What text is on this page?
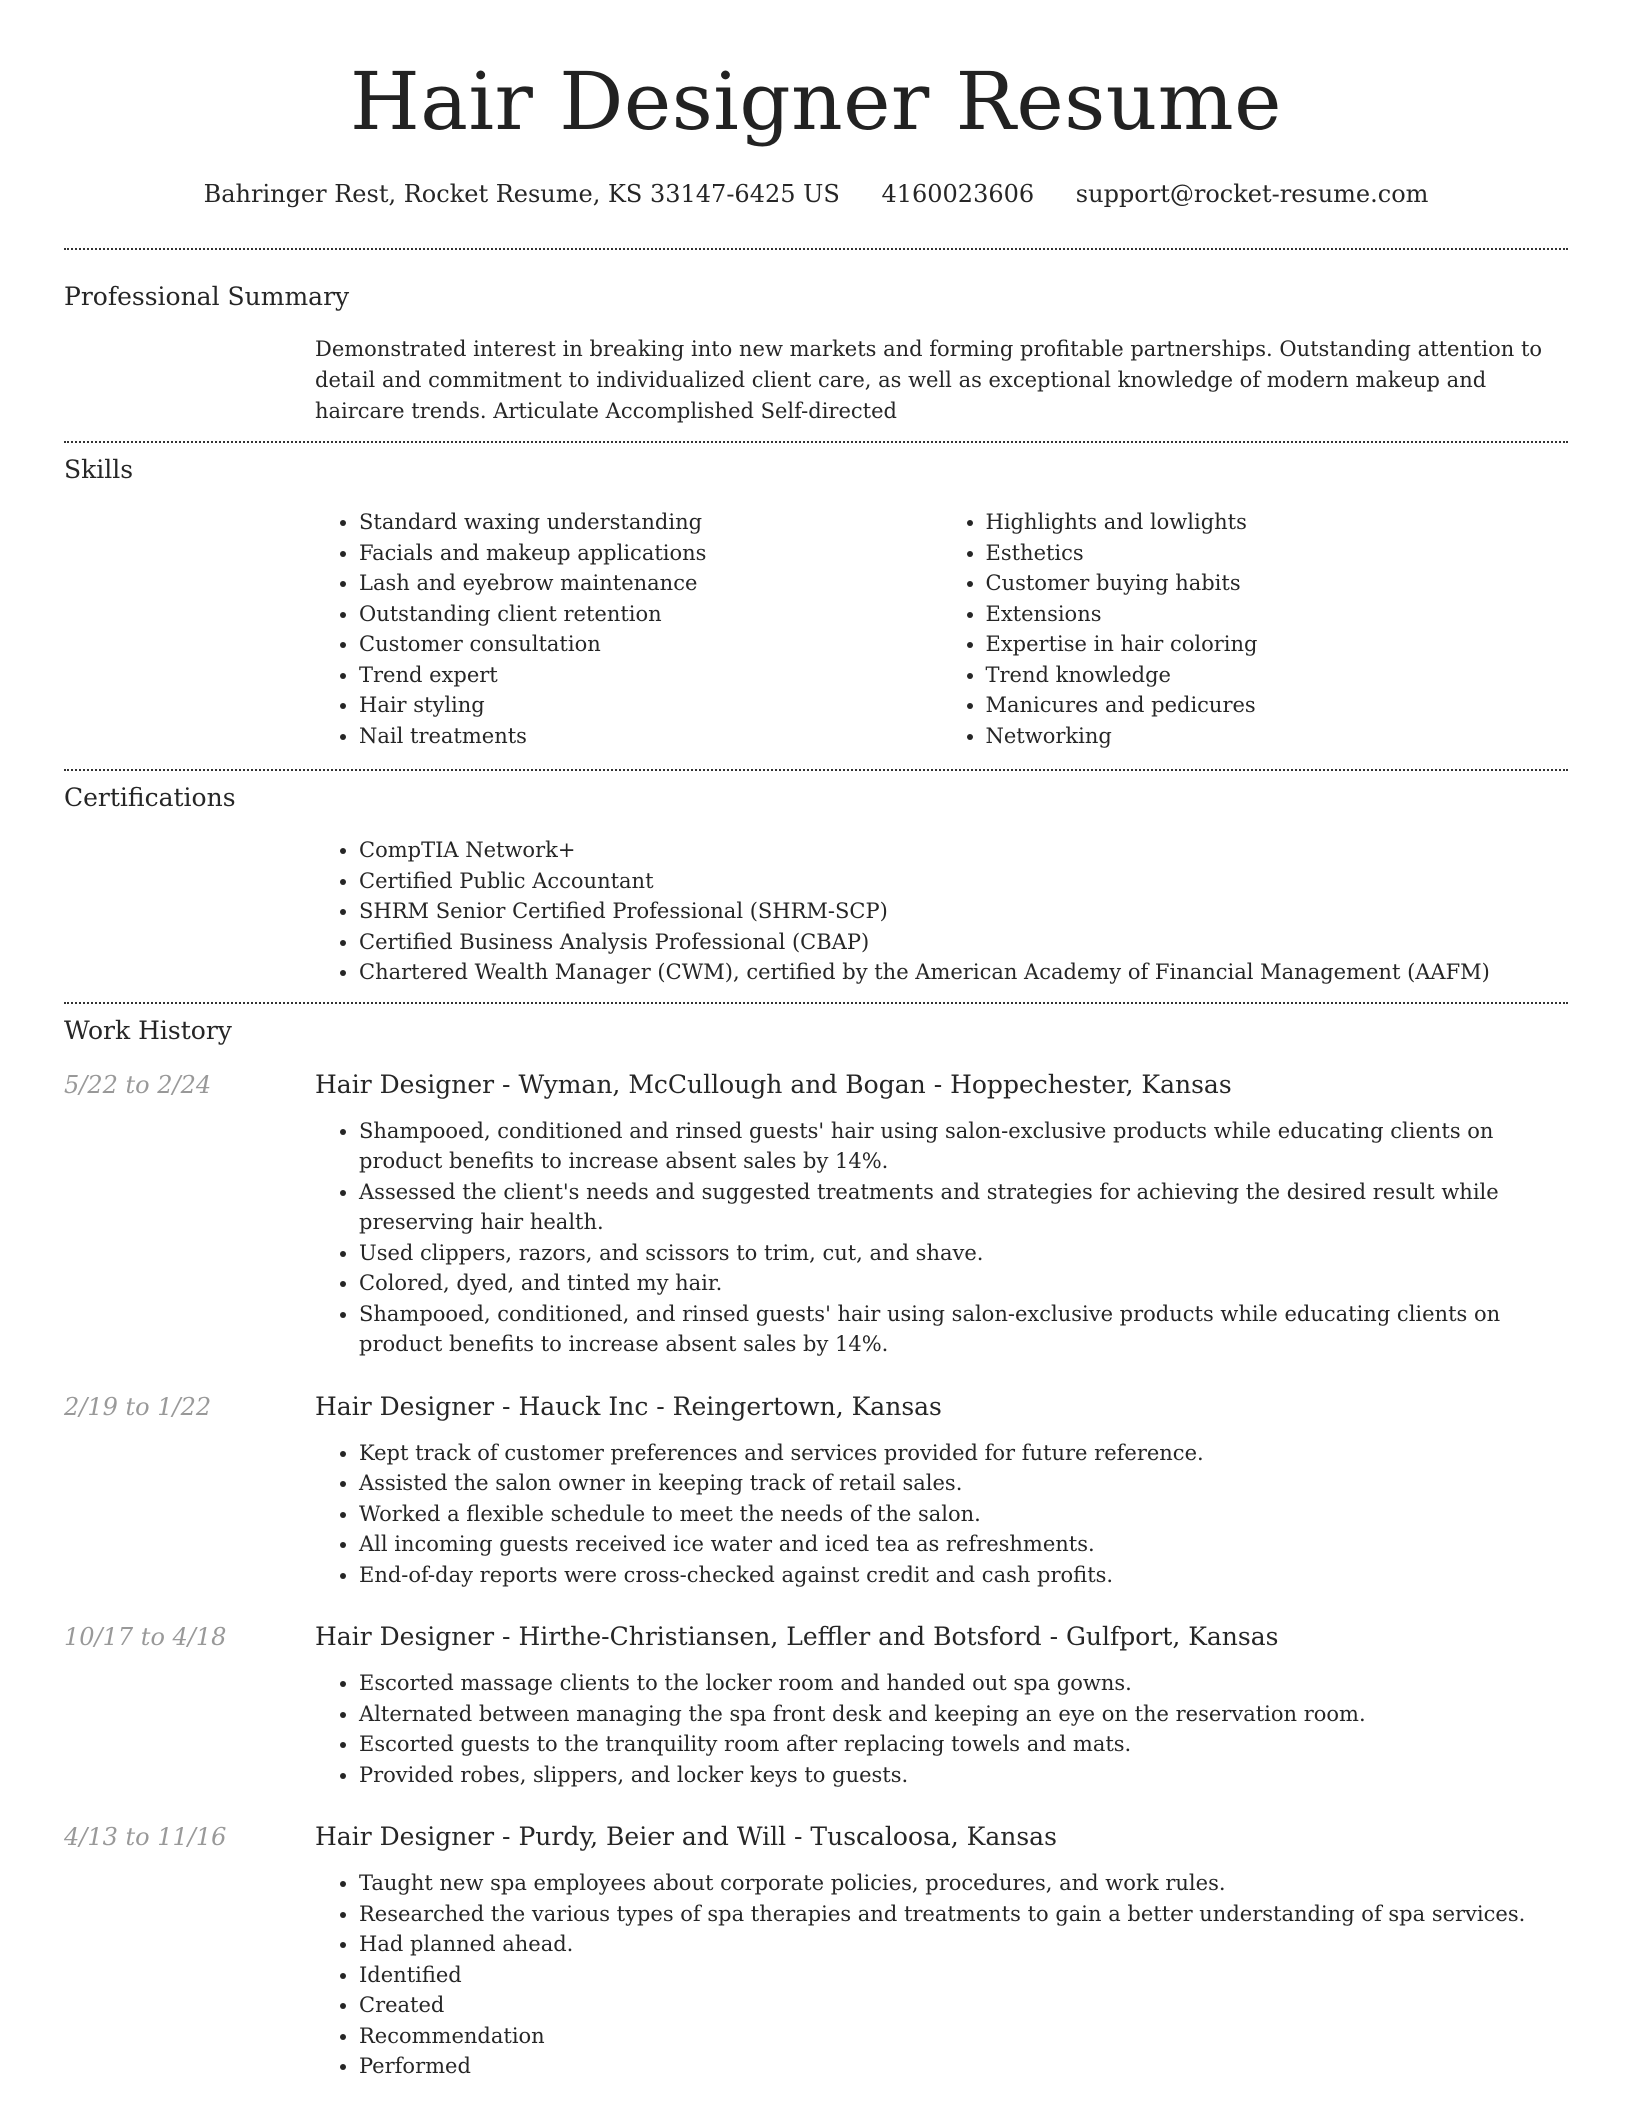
Hair Designer Resume
Bahringer Rest, Rocket Resume, KS 33147-6425 US 4160023606 support@rocket-resume.com
Professional Summary

Demonstrated interest in breaking into new markets and forming profitable partnerships. Outstanding attention to detail and commitment to individualized client care, as well as exceptional knowledge of modern makeup and haircare trends. Articulate Accomplished Self-directed

Skills
• Standard waxing understanding
• Facials and makeup applications
• Lash and eyebrow maintenance
• Outstanding client retention
• Customer consultation
• Trend expert
• Hair styling
• Nail treatments
• Highlights and lowlights
• Esthetics
• Customer buying habits
• Extensions
• Expertise in hair coloring
• Trend knowledge
• Manicures and pedicures
• Networking
Certifications
• CompTIA Network+
• Certified Public Accountant
• SHRM Senior Certified Professional (SHRM-SCP)
• Certified Business Analysis Professional (CBAP)
• Chartered Wealth Manager (CWM), certified by the American Academy of Financial Management (AAFM)
Work History
5/22 to 2/24	Hair Designer - Wyman, McCullough and Bogan - Hoppechester, Kansas
• Shampooed, conditioned and rinsed guests' hair using salon-exclusive products while educating clients on product benefits to increase absent sales by 14%.
• Assessed the client's needs and suggested treatments and strategies for achieving the desired result while preserving hair health.
• Used clippers, razors, and scissors to trim, cut, and shave.
• Colored, dyed, and tinted my hair.
• Shampooed, conditioned, and rinsed guests' hair using salon-exclusive products while educating clients on product benefits to increase absent sales by 14%.
2/19 to 1/22	Hair Designer - Hauck Inc - Reingertown, Kansas
• Kept track of customer preferences and services provided for future reference.
• Assisted the salon owner in keeping track of retail sales.
• Worked a flexible schedule to meet the needs of the salon.
• All incoming guests received ice water and iced tea as refreshments.
• End-of-day reports were cross-checked against credit and cash profits.
10/17 to 4/18	Hair Designer - Hirthe-Christiansen, Leffler and Botsford - Gulfport, Kansas
• Escorted massage clients to the locker room and handed out spa gowns.
• Alternated between managing the spa front desk and keeping an eye on the reservation room.
• Escorted guests to the tranquility room after replacing towels and mats.
• Provided robes, slippers, and locker keys to guests.
4/13 to 11/16	Hair Designer - Purdy, Beier and Will - Tuscaloosa, Kansas
• Taught new spa employees about corporate policies, procedures, and work rules.
• Researched the various types of spa therapies and treatments to gain a better understanding of spa services.
• Had planned ahead.
• Identified
• Created
• Recommendation
• Performed
